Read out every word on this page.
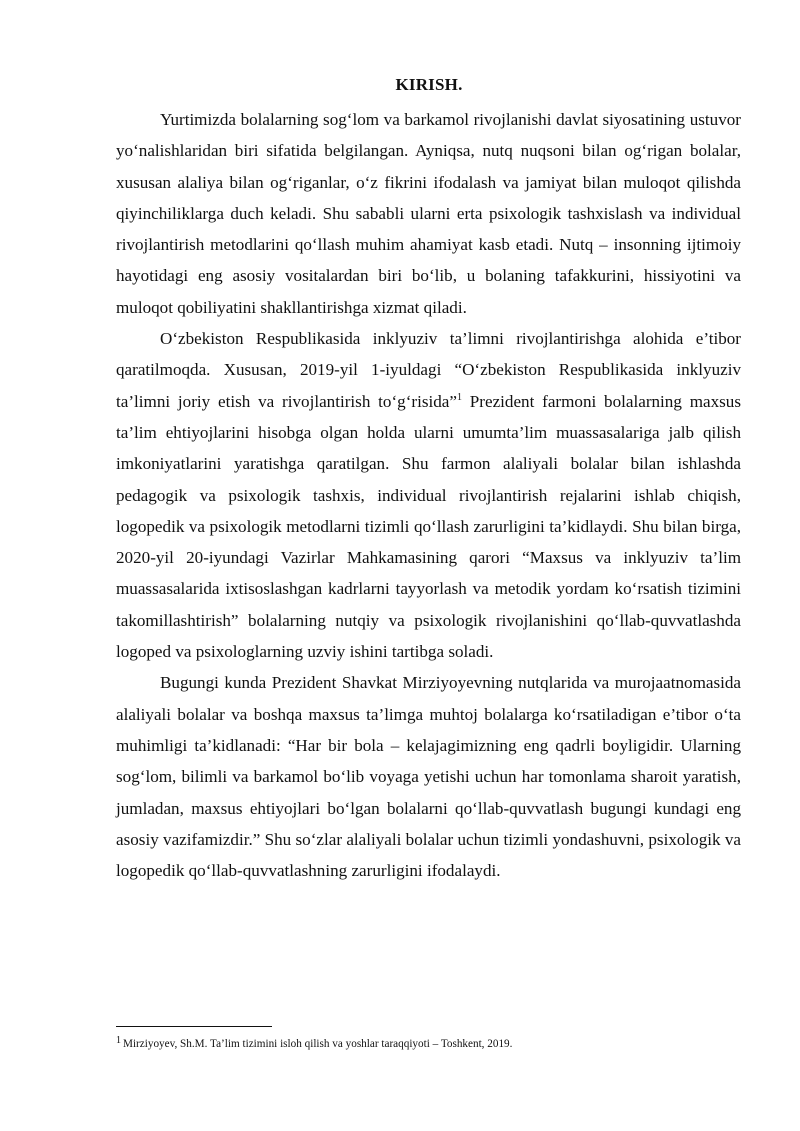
KIRISH.

Yurtimizda bolalarning sog‘lom va barkamol rivojlanishi davlat siyosatining ustuvor yo‘nalishlaridan biri sifatida belgilangan. Ayniqsa, nutq nuqsoni bilan og‘rigan bolalar, xususan alaliya bilan og‘riganlar, o‘z fikrini ifodalash va jamiyat bilan muloqot qilishda qiyinchiliklarga duch keladi. Shu sababli ularni erta psixologik tashxislash va individual rivojlantirish metodlarini qo‘llash muhim ahamiyat kasb etadi. Nutq – insonning ijtimoiy hayotidagi eng asosiy vositalardan biri bo‘lib, u bolaning tafakkurini, hissiyotini va muloqot qobiliyatini shakllantirishga xizmat qiladi.

O‘zbekiston Respublikasida inklyuziv ta’limni rivojlantirishga alohida e’tibor qaratilmoqda. Xususan, 2019-yil 1-iyuldagi “O‘zbekiston Respublikasida inklyuziv ta’limni joriy etish va rivojlantirish to‘g‘risida”$^1$ Prezident farmoni bolalarning maxsus ta’lim ehtiyojlarini hisobga olgan holda ularni umumta’lim muassasalariga jalb qilish imkoniyatlarini yaratishga qaratilgan. Shu farmon alaliyali bolalar bilan ishlashda pedagogik va psixologik tashxis, individual rivojlantirish rejalarini ishlab chiqish, logopedik va psixologik metodlarni tizimli qo‘llash zarurligini ta’kidlaydi. Shu bilan birga, 2020-yil 20-iyundagi Vazirlar Mahkamasining qarori “Maxsus va inklyuziv ta’lim muassasalarida ixtisoslashgan kadrlarni tayyorlash va metodik yordam ko‘rsatish tizimini takomillashtirish” bolalarning nutqiy va psixologik rivojlanishini qo‘llab-quvvatlashda logoped va psixologlarning uzviy ishini tartibga soladi.

Bugungi kunda Prezident Shavkat Mirziyoyevning nutqlarida va murojaatnomasida alaliyali bolalar va boshqa maxsus ta’limga muhtoj bolalarga ko‘rsatiladigan e’tibor o‘ta muhimligi ta’kidlanadi: “Har bir bola – kelajagimizning eng qadrli boyligidir. Ularning sog‘lom, bilimli va barkamol bo‘lib voyaga yetishi uchun har tomonlama sharoit yaratish, jumladan, maxsus ehtiyojlari bo‘lgan bolalarni qo‘llab-quvvatlash bugungi kundagi eng asosiy vazifamizdir.” Shu so‘zlar alaliyali bolalar uchun tizimli yondashuvni, psixologik va logopedik qo‘llab-quvvatlashning zarurligini ifodalaydi.

1 Mirziyoyev, Sh.M. Ta’lim tizimini isloh qilish va yoshlar taraqqiyoti – Toshkent, 2019.
